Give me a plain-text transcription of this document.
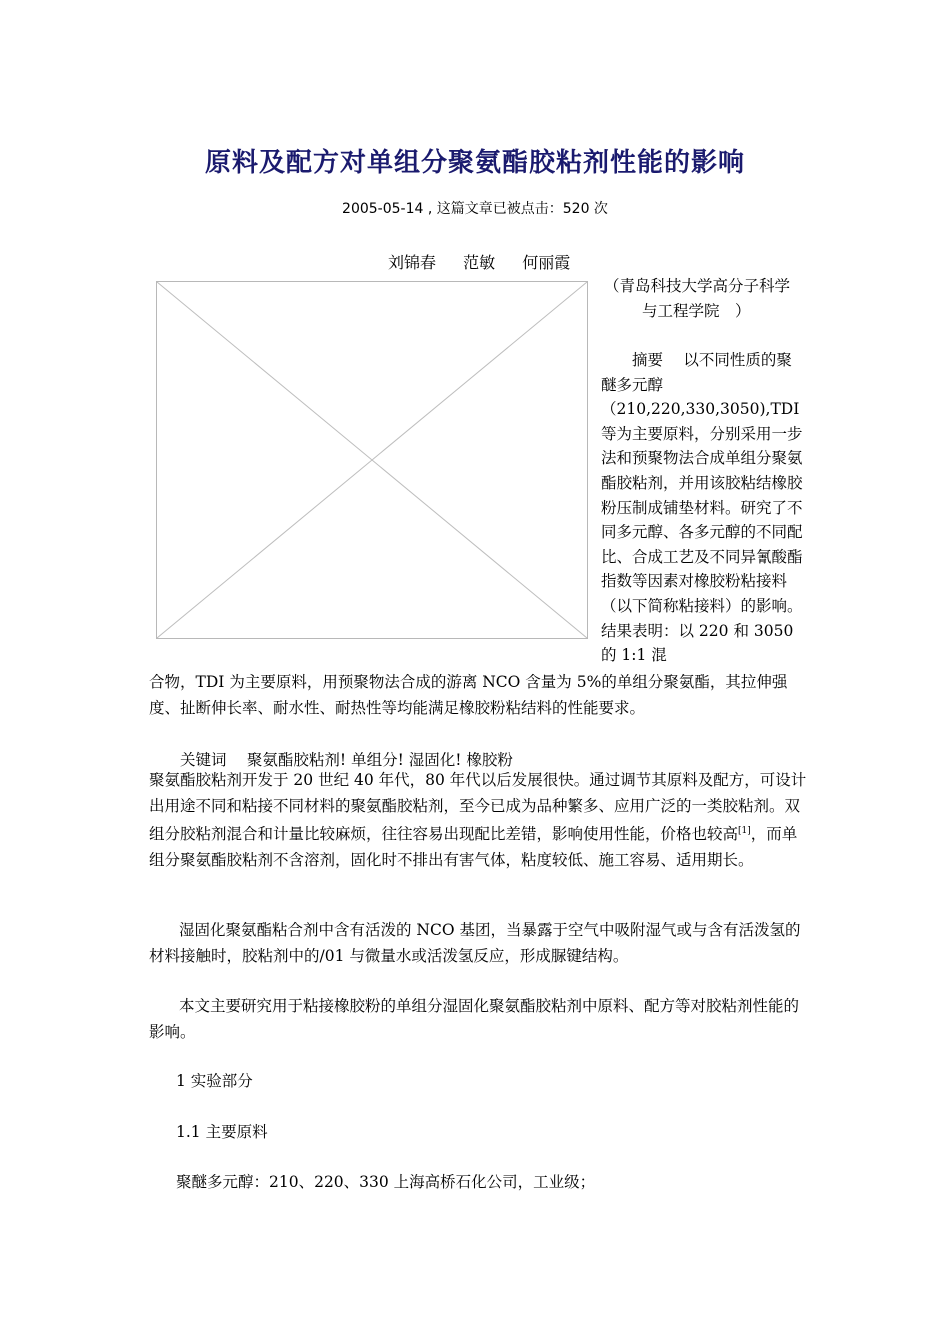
原料及配方对单组分聚氨酯胶粘剂性能的影响
2005-05-14 , 这篇文章已被点击：520 次
刘锦春 范敏 何丽霞
（青岛科技大学高分子科学
与工程学院　）
　　摘要　 以不同性质的聚醚多元醇（210,220,330,3050),TDI等为主要原料，分别采用一步法和预聚物法合成单组分聚氨酯胶粘剂，并用该胶粘结橡胶粉压制成铺垫材料。研究了不同多元醇、各多元醇的不同配比、合成工艺及不同异氰酸酯指数等因素对橡胶粉粘接料（以下简称粘接料）的影响。结果表明：以 220 和 3050 的 1:1 混
合物，TDI 为主要原料，用预聚物法合成的游离 NCO 含量为 5%的单组分聚氨酯，其拉伸强度、扯断伸长率、耐水性、耐热性等均能满足橡胶粉粘结料的性能要求。
关键词　 聚氨酯胶粘剂! 单组分! 湿固化! 橡胶粉
聚氨酯胶粘剂开发于 20 世纪 40 年代，80 年代以后发展很快。通过调节其原料及配方，可设计出用途不同和粘接不同材料的聚氨酯胶粘剂，至今已成为品种繁多、应用广泛的一类胶粘剂。双组分胶粘剂混合和计量比较麻烦，往往容易出现配比差错，影响使用性能，价格也较高[1]，而单组分聚氨酯胶粘剂不含溶剂，固化时不排出有害气体，粘度较低、施工容易、适用期长。
湿固化聚氨酯粘合剂中含有活泼的 NCO 基团，当暴露于空气中吸附湿气或与含有活泼氢的材料接触时，胶粘剂中的/01 与微量水或活泼氢反应，形成脲键结构。
本文主要研究用于粘接橡胶粉的单组分湿固化聚氨酯胶粘剂中原料、配方等对胶粘剂性能的影响。
1 实验部分
1.1 主要原料
聚醚多元醇：210、220、330 上海高桥石化公司，工业级；
